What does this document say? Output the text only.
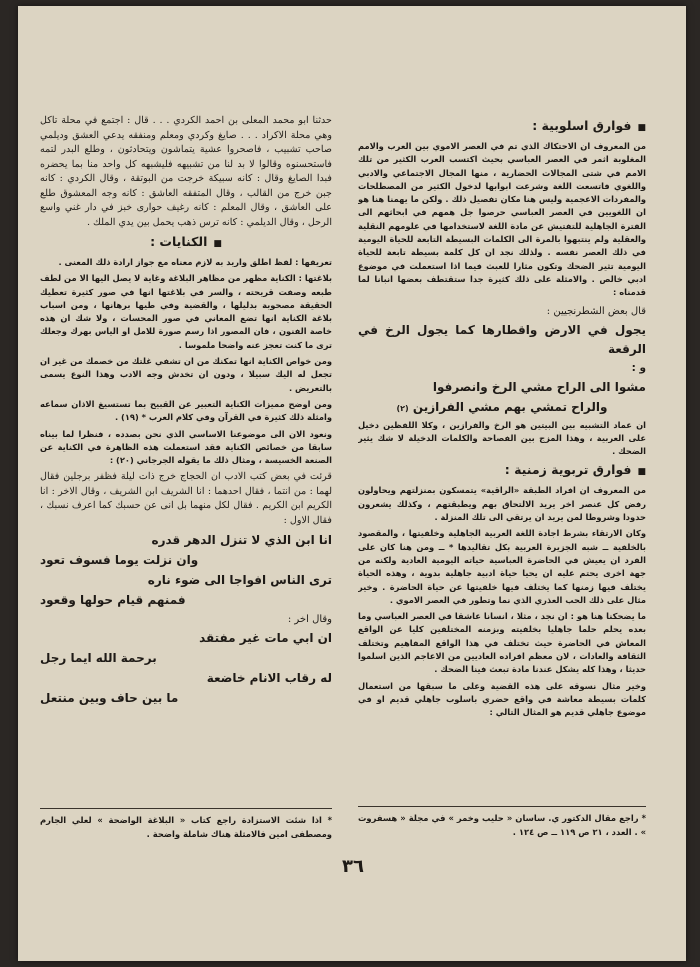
■فوارق اسلوبية :

من المعروف ان الاحتكاك الذي تم في العصر الاموي بين العرب والامم المغلوبة اثمر في العصر العباسي بحيث اكتسب العرب الكثير من تلك الامم في شتى المجالات الحضارية ، منها المجال الاجتماعي والادبي واللغوي فاتسعت اللغة وشرعت ابوابها لدخول الكثير من المصطلحات والمفردات الاعجمية وليس هنا مكان تفصيل ذلك . ولكن ما يهمنا هنا هو ان اللغويين في العصر العباسي حرصوا جل همهم في ابحاثهم الى الفترة الجاهلية للتفتيش عن مادة اللغة لاستخدامها في علومهم النقلية والعقلية ولم ينتبهوا بالمرة الى الكلمات البسيطة التابعة للحياة اليومية في ذلك العصر نفسه . ولذلك نجد ان كل كلمة بسيطة تابعة للحياة اليومية تثير الضحك وتكون مثارا للعبث فيما اذا استعملت في موضوع ادبي خالص . والامثلة على ذلك كثيرة جدا ستقتطف بعضها انبانا لما قدمناه :

قال بعض الشطرنجيين :
يجول في الارض واقطارها كما يجول الرخ في الرقعة
و :
مشوا الى الراح مشي الرخ وانصرفوا
والراح تمشي بهم مشي الفرازين (٢)

ان عماد التشبيه بين البيتين هو الرخ والفرازين ، وكلا اللفظين دخيل على العربية ، وهذا المزج بين الفصاحة والكلمات الدخيلة لا شك يثير الضحك .

■فوارق تربوية زمنية :

من المعروف ان افراد الطبقة «الراقية» يتمسكون بمنزلتهم ويحاولون رفض كل عنصر اخر يريد الالتحاق بهم ويطبقتهم ، وكذلك يشعرون حدودا وشروطا لمن يريد ان يرتقي الى تلك المنزلة .

وكان الارتقاء بشرط اجادة اللغة العربية الجاهلية وخلفيتها ، والمقصود بالخلفية ــ شبه الجزيرة العربية بكل تقاليدها * ــ ومن هنا كان على الفرد ان يعيش في الحاضرة العباسية حياته اليومية العادية ولكنه من جهة اخرى يحتم عليه ان يحيا حياة ادبية جاهلية بدوية ، وهذه الحياة يختلف فيها زمنها كما يختلف فيها خلفيتها عن حياة الحاضرة . وخير مثال على ذلك الحب العذري الذي نما وتطور في العصر الاموي .

ما يضحكنا هنا هو : ان نجد ، مثلا ، انسانا عاشقا في العصر العباسي وما بعده يحلم حلما جاهليا بخلفيته وبزمنه المختلفين كليا عن الواقع المعاش في الحاضرة حيث تختلف في هذا الواقع المفاهيم وتختلف الثقافة والعادات ، لان معظم افراده العاديين من الاعاجم الذين اسلموا حديثا ، وهذا كله يشكل عندنا مادة تبعث فينا الضحك .

وخير مثال نسوقه على هذه القضية وعلى ما سبقها من استعمال كلمات بسيطة معاشة في واقع حضري باسلوب جاهلي قديم او في موضوع جاهلي قديم هو المثال التالي :

* راجع مقال الدكتور ي. ساسان « حليب وخمر » في مجلة « هسفروت » . العدد ، ٢١ ص ١١٩ ــ ص ١٢٤ .

حدثنا ابو محمد المعلى بن احمد الكردي . . . قال : اجتمع في محلة تاكل وهي محلة الاكراد . . . صايغ وكردي ومعلم ومنفقه يدعي العشق وديلمي صاحب تشبيب ، فاصحروا عشية يتماشون ويتحادثون ، وطلع البدر لتمه فاستحسنوه وقالوا لا بد لنا من تشبيهه فليشبهه كل واحد منا بما يحضره فبدا الصايغ وقال : كانه سبيكة خرجت من البوتقة ، وقال الكردي : كانه جبن خرج من القالب ، وقال المتفقه العاشق : كانه وجه المعشوق طلع على العاشق ، وقال المعلم : كانه رغيف حوارى خبز في دار غني واسع الرحل ، وقال الديلمي : كانه ترس ذهب يحمل بين يدي الملك .

■الكنايات :

تعريفها : لفظ اطلق واريد به لازم معناه مع جواز ارادة ذلك المعنى .

بلاغتها : الكناية مظهر من مظاهر البلاغة وغاية لا يصل اليها الا من لطف طبعه وصفت قريحته ، والسر في بلاغتها انها في صور كثيرة تعطيك الحقيقة مصحوبة بدليلها ، والقضية وفي طيها برهانها ، ومن اسباب بلاغة الكناية انها تضع المعاني في صور المحسات ، ولا شك ان هذه خاصة الفنون ، فان المصور اذا رسم صورة للامل او الياس بهرك وجعلك ترى ما كنت تعجز عنه واضحا ملموسا .

ومن خواص الكناية انها تمكنك من ان تشفي غلتك من خصمك من غير ان تجعل له اليك سبيلا ، ودون ان تخدش وجه الادب وهذا النوع يسمى بالتعريض .

ومن اوضح مميزات الكناية التعبير عن القبيح بما تستسيغ الاذان سماعه وامثلة ذلك كثيرة في القرآن وفي كلام العرب * (١٩) .

ونعود الان الى موضوعنا الاساسي الذي نحن بصدده ، فنظرا لما بيناه سابقا من خصائص الكناية فقد استعملت هذه الظاهرة في الكناية عن الصنعة الخسيسة ، ومثال ذلك ما يقوله الجرجاني (٢٠) :

قرئت في بعض كتب الادب ان الحجاج خرج ذات ليلة فظفر برجلين فقال لهما : من انتما ، فقال احدهما : انا الشريف ابن الشريف ، وقال الاخر : انا الكريم ابن الكريم . فقال لكل منهما بل انى عن حسبك كما اعرف نسبك ، فقال الاول :

انا ابن الذي لا تنزل الدهر قدره
وان نزلت يوما فسوف تعود
ترى الناس افواجا الى ضوء ناره
فمنهم قيام حولها وقعود
وقال اخر :
ان ابي مات غير مفتقد
برحمة الله ايما رجل
له رقاب الانام خاضعة
ما بين حاف وبين منتعل
* اذا شئت الاستزادة راجع كتاب « البلاغة الواضحة » لعلي الجارم ومصطفى امين فالامثلة هناك شاملة واضحة .
٣٦
